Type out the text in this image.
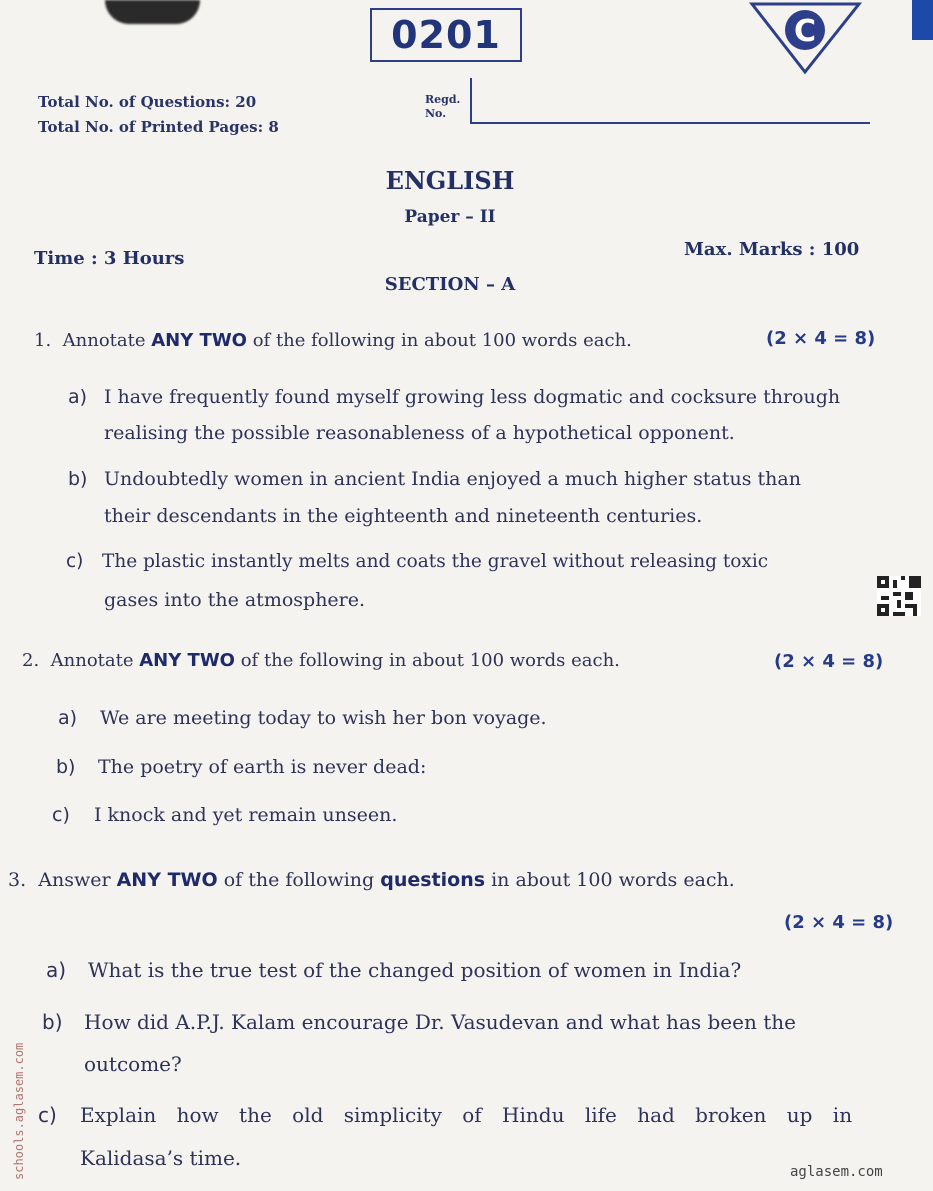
0201	C
Total No. of Questions: 20
Total No. of Printed Pages: 8
Regd.
No.
ENGLISH
Paper – II
Time : 3 Hours	Max. Marks : 100
SECTION – A
1. Annotate ANY TWO of the following in about 100 words each.	(2 × 4 = 8)
a) I have frequently found myself growing less dogmatic and cocksure through
realising the possible reasonableness of a hypothetical opponent.
b) Undoubtedly women in ancient India enjoyed a much higher status than
their descendants in the eighteenth and nineteenth centuries.
c) The plastic instantly melts and coats the gravel without releasing toxic
gases into the atmosphere.
2. Annotate ANY TWO of the following in about 100 words each.	(2 × 4 = 8)
a) We are meeting today to wish her bon voyage.
b) The poetry of earth is never dead:
c) I knock and yet remain unseen.
3. Answer ANY TWO of the following questions in about 100 words each.
(2 × 4 = 8)
a) What is the true test of the changed position of women in India?
b) How did A.P.J. Kalam encourage Dr. Vasudevan and what has been the
outcome?
c) Explain how the old simplicity of Hindu life had broken up in
Kalidasa’s time.
schools.aglasem.com	aglasem.com
